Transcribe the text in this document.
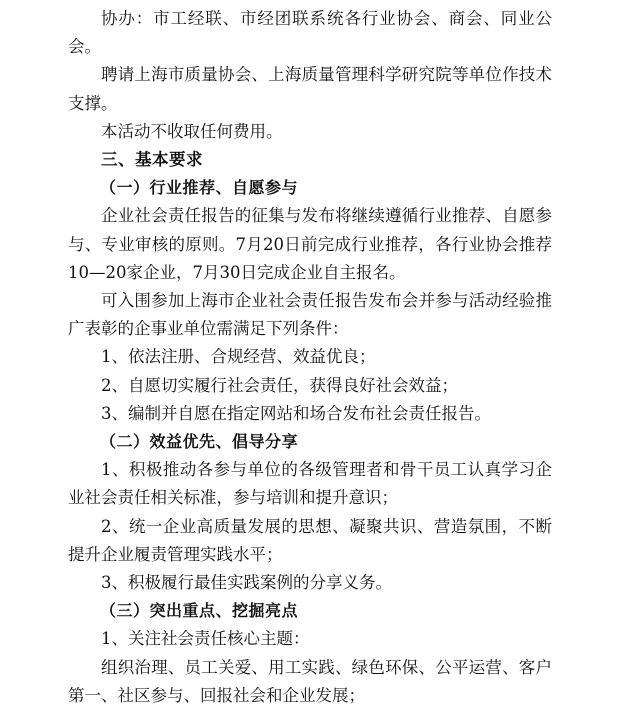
协办：市工经联、市经团联系统各行业协会、商会、同业公会。

聘请上海市质量协会、上海质量管理科学研究院等单位作技术支撑。

本活动不收取任何费用。

三、基本要求

（一）行业推荐、自愿参与

企业社会责任报告的征集与发布将继续遵循行业推荐、自愿参与、专业审核的原则。7月20日前完成行业推荐，各行业协会推荐10—20家企业，7月30日完成企业自主报名。

可入围参加上海市企业社会责任报告发布会并参与活动经验推广表彰的企事业单位需满足下列条件：

1、依法注册、合规经营、效益优良；

2、自愿切实履行社会责任，获得良好社会效益；

3、编制并自愿在指定网站和场合发布社会责任报告。

（二）效益优先、倡导分享

1、积极推动各参与单位的各级管理者和骨干员工认真学习企业社会责任相关标准，参与培训和提升意识；

2、统一企业高质量发展的思想、凝聚共识、营造氛围，不断提升企业履责管理实践水平；

3、积极履行最佳实践案例的分享义务。

（三）突出重点、挖掘亮点

1、关注社会责任核心主题：

组织治理、员工关爱、用工实践、绿色环保、公平运营、客户第一、社区参与、回报社会和企业发展；
